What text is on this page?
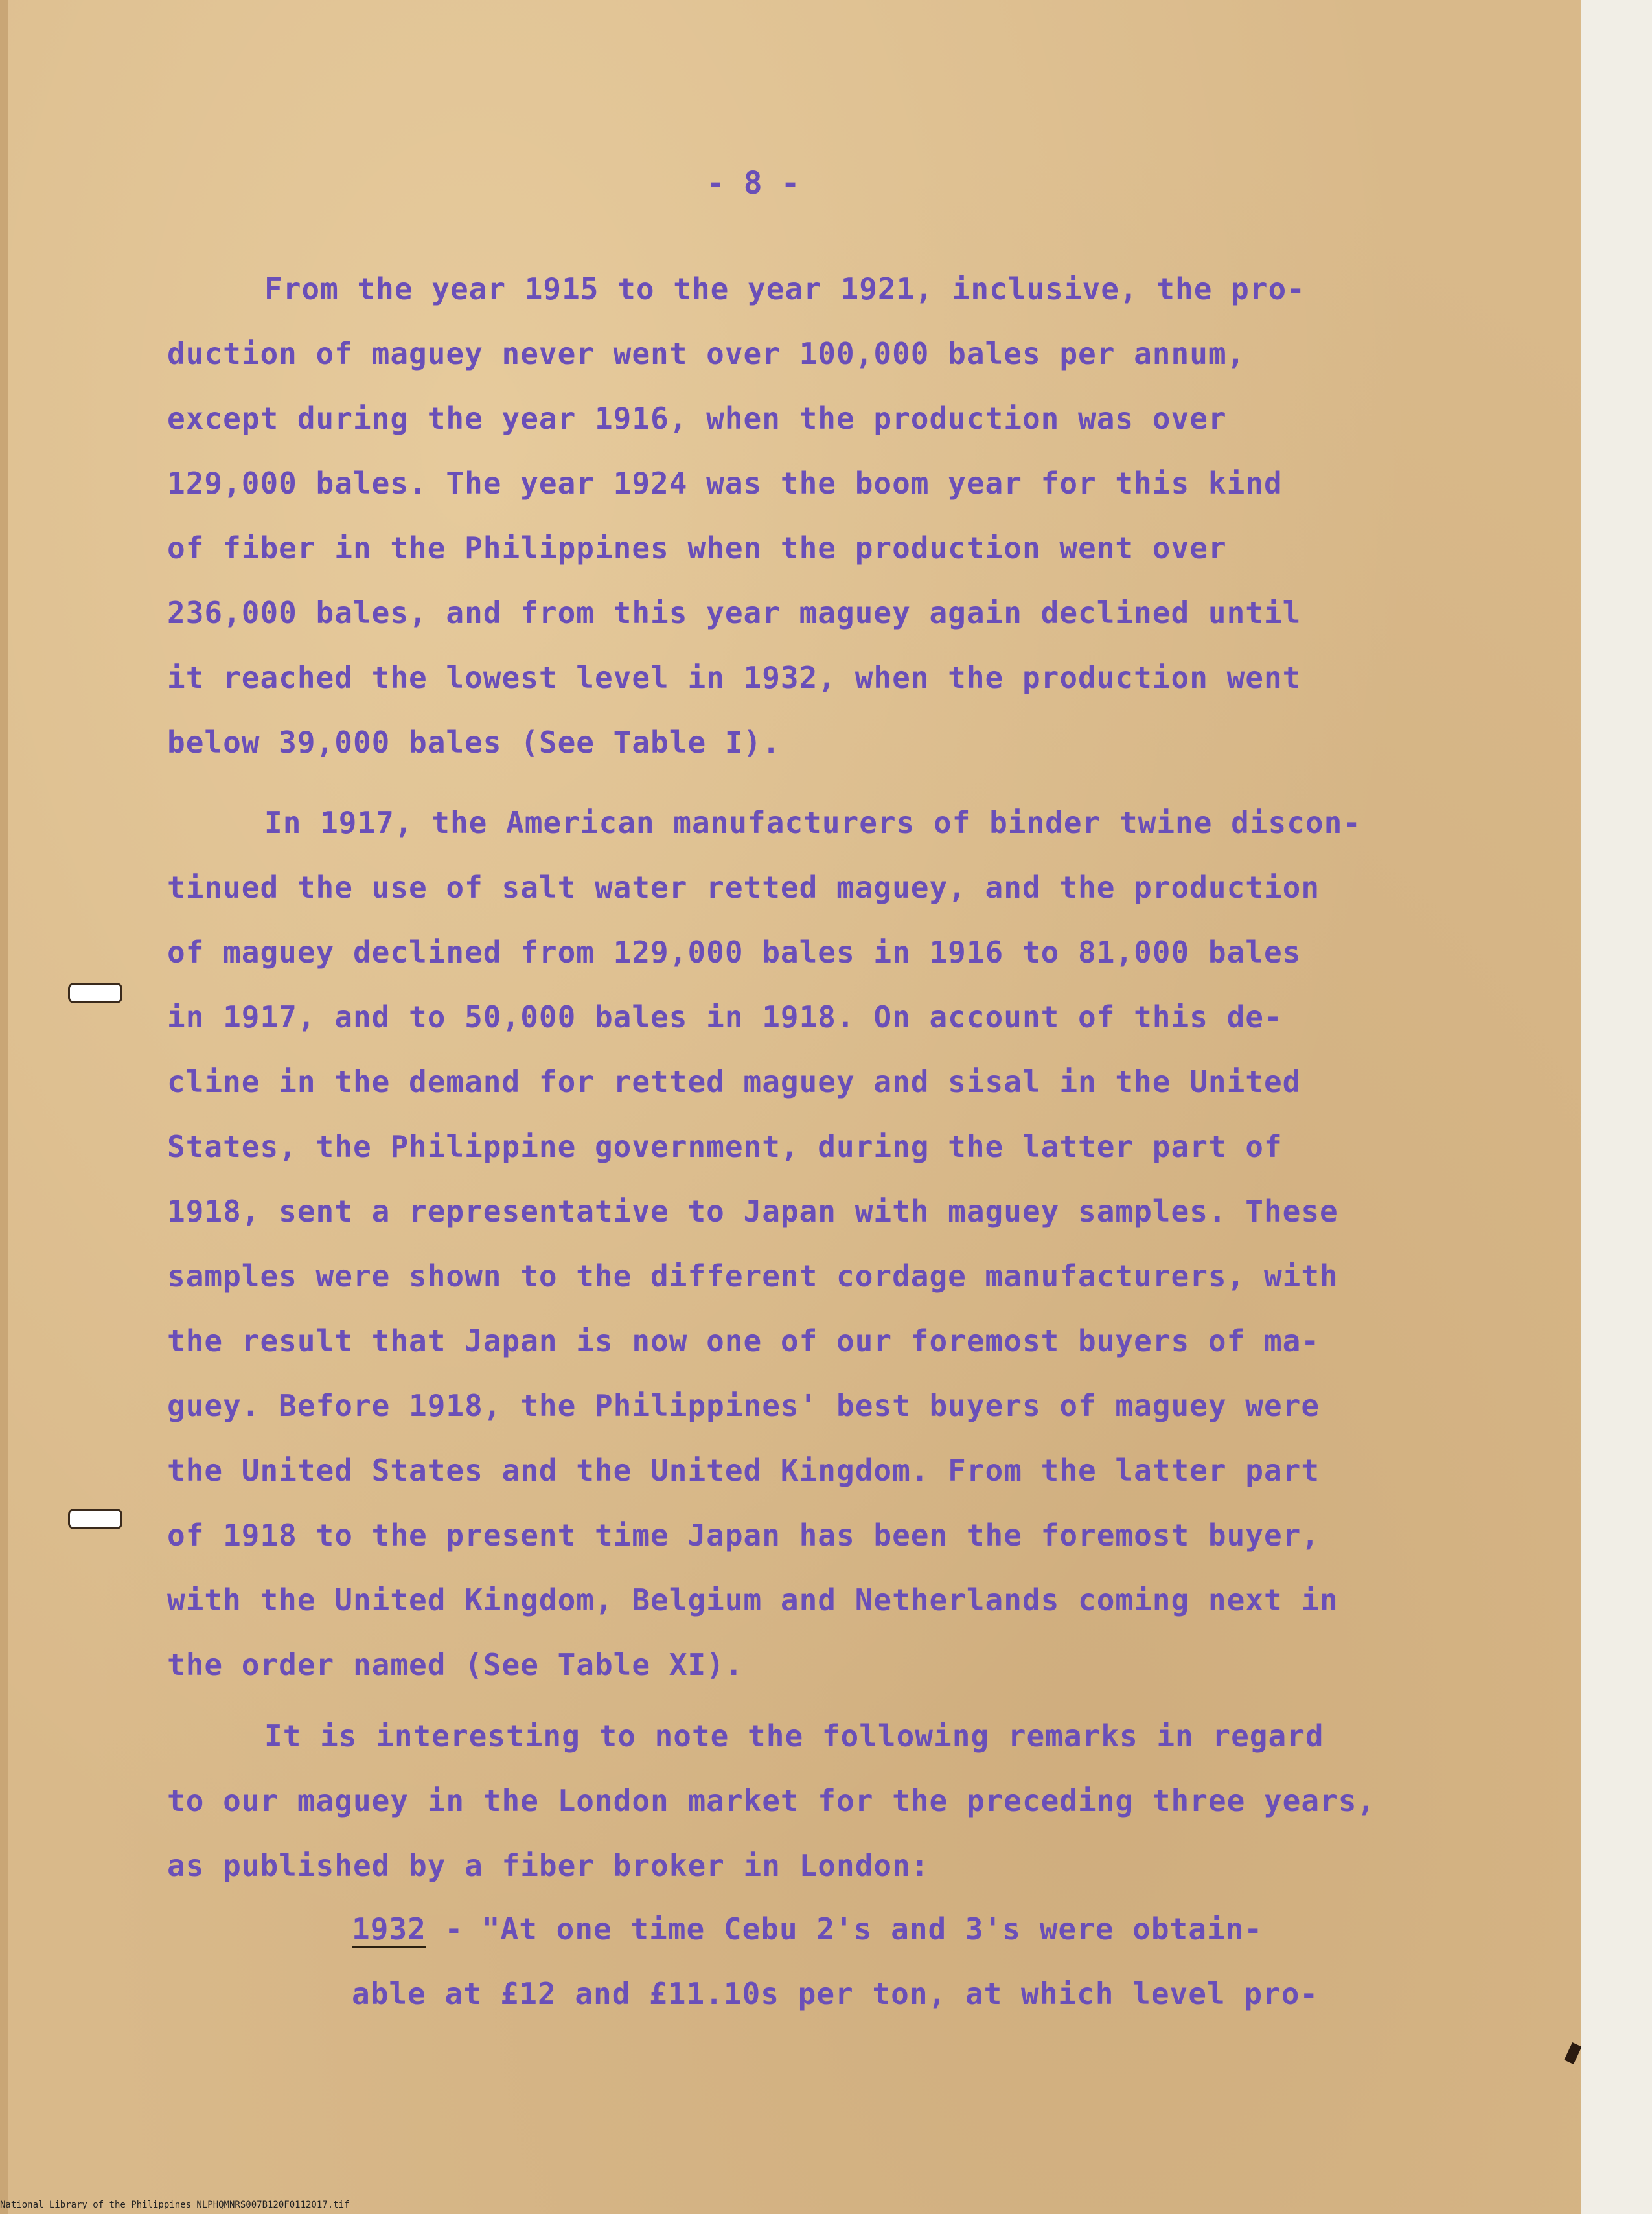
- 8 -
From the year 1915 to the year 1921, inclusive, the pro-
duction of maguey never went over 100,000 bales per annum,
except during the year 1916, when the production was over
129,000 bales. The year 1924 was the boom year for this kind
of fiber in the Philippines when the production went over
236,000 bales, and from this year maguey again declined until
it reached the lowest level in 1932, when the production went
below 39,000 bales (See Table I).
In 1917, the American manufacturers of binder twine discon-
tinued the use of salt water retted maguey, and the production
of maguey declined from 129,000 bales in 1916 to 81,000 bales
in 1917, and to 50,000 bales in 1918. On account of this de-
cline in the demand for retted maguey and sisal in the United
States, the Philippine government, during the latter part of
1918, sent a representative to Japan with maguey samples. These
samples were shown to the different cordage manufacturers, with
the result that Japan is now one of our foremost buyers of ma-
guey. Before 1918, the Philippines' best buyers of maguey were
the United States and the United Kingdom. From the latter part
of 1918 to the present time Japan has been the foremost buyer,
with the United Kingdom, Belgium and Netherlands coming next in
the order named (See Table XI).
It is interesting to note the following remarks in regard
to our maguey in the London market for the preceding three years,
as published by a fiber broker in London:
1932 - "At one time Cebu 2's and 3's were obtain-
able at £12 and £11.10s per ton, at which level pro-
National Library of the Philippines NLPHQMNRS007B120F0112017.tif
